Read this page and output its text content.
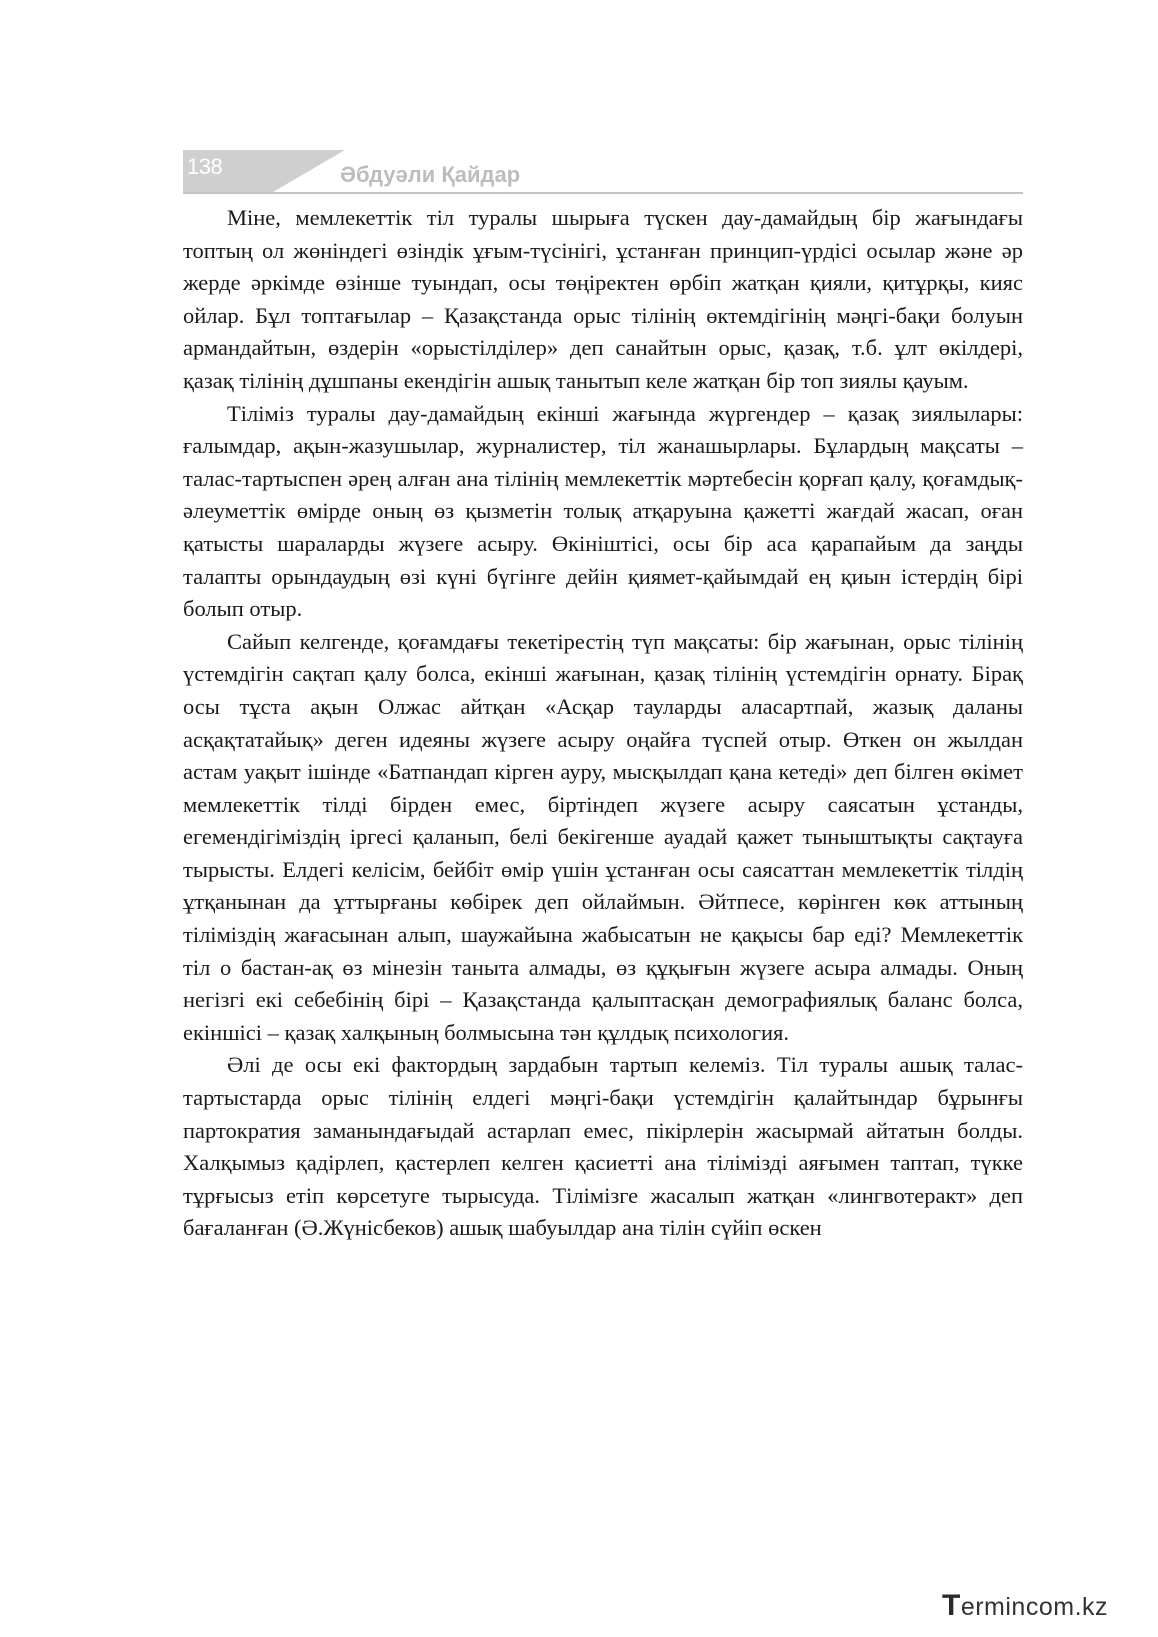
138	Әбдуәли Қайдар

Міне, мемлекеттік тіл туралы шырыға түскен дау-дамайдың бір жағындағы топтың ол жөніндегі өзіндік ұғым-түсінігі, ұстанған принцип-үрдісі осылар және әр жерде әркімде өзінше туындап, осы төңіректен өрбіп жатқан қияли, қитұрқы, кияс ойлар. Бұл топтағылар – Қазақстанда орыс тілінің өктемдігінің мәңгі-бақи болуын армандайтын, өздерін «орыстілділер» деп санайтын орыс, қазақ, т.б. ұлт өкілдері, қазақ тілінің дұшпаны екендігін ашық танытып келе жатқан бір топ зиялы қауым.

Тіліміз туралы дау-дамайдың екінші жағында жүргендер – қазақ зиялылары: ғалымдар, ақын-жазушылар, журналистер, тіл жанашырлары. Бұлардың мақсаты – талас-тартыспен әрең алған ана тілінің мемлекеттік мәртебесін қорғап қалу, қоғамдық-әлеуметтік өмірде оның өз қызметін толық атқаруына қажетті жағдай жасап, оған қатысты шараларды жүзеге асыру. Өкініштісі, осы бір аса қарапайым да заңды талапты орындаудың өзі күні бүгінге дейін қиямет-қайымдай ең қиын істердің бірі болып отыр.

Сайып келгенде, қоғамдағы текетірестің түп мақсаты: бір жағынан, орыс тілінің үстемдігін сақтап қалу болса, екінші жағынан, қазақ тілінің үстемдігін орнату. Бірақ осы тұста ақын Олжас айтқан «Асқар тауларды аласартпай, жазық даланы асқақтатайық» деген идеяны жүзеге асыру оңайға түспей отыр. Өткен он жылдан астам уақыт ішінде «Батпандап кірген ауру, мысқылдап қана кетеді» деп білген өкімет мемлекеттік тілді бірден емес, біртіндеп жүзеге асыру саясатын ұстанды, егемендігіміздің іргесі қаланып, белі бекігенше ауадай қажет тыныштықты сақтауға тырысты. Елдегі келісім, бейбіт өмір үшін ұстанған осы саясаттан мемлекеттік тілдің ұтқанынан да ұттырғаны көбірек деп ойлаймын. Әйтпесе, көрінген көк аттының тіліміздің жағасынан алып, шаужайына жабысатын не қақысы бар еді? Мемлекеттік тіл о бастан-ақ өз мінезін таныта алмады, өз құқығын жүзеге асыра алмады. Оның негізгі екі себебінің бірі – Қазақстанда қалыптасқан демографиялық баланс болса, екіншісі – қазақ халқының болмысына тән құлдық психология.

Әлі де осы екі фактордың зардабын тартып келеміз. Тіл туралы ашық талас-тартыстарда орыс тілінің елдегі мәңгі-бақи үстемдігін қалайтындар бұрынғы партократия заманындағыдай астарлап емес, пікірлерін жасырмай айтатын болды. Халқымыз қадірлеп, қастерлеп келген қасиетті ана тілімізді аяғымен таптап, түкке тұрғысыз етіп көрсетуге тырысуда. Тілімізге жасалып жатқан «лингвотеракт» деп бағаланған (Ә.Жүнісбеков) ашық шабуылдар ана тілін сүйіп өскен

Termincom.kz
